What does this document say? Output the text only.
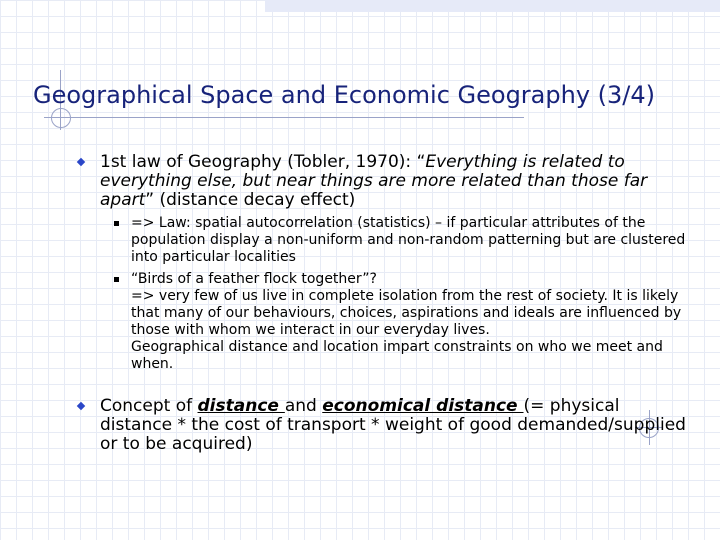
Geographical Space and Economic Geography (3/4)
1st law of Geography (Tobler, 1970): “Everything is related to everything else, but near things are more related than those far apart” (distance decay effect)
=> Law: spatial autocorrelation (statistics) – if particular attributes of the population display a non-uniform and non-random patterning but are clustered into particular localities
“Birds of a feather flock together”?
=> very few of us live in complete isolation from the rest of society. It is likely that many of our behaviours, choices, aspirations and ideals are influenced by those with whom we interact in our everyday lives.
Geographical distance and location impart constraints on who we meet and when.
Concept of distance and economical distance (= physical distance * the cost of transport * weight of good demanded/supplied or to be acquired)
